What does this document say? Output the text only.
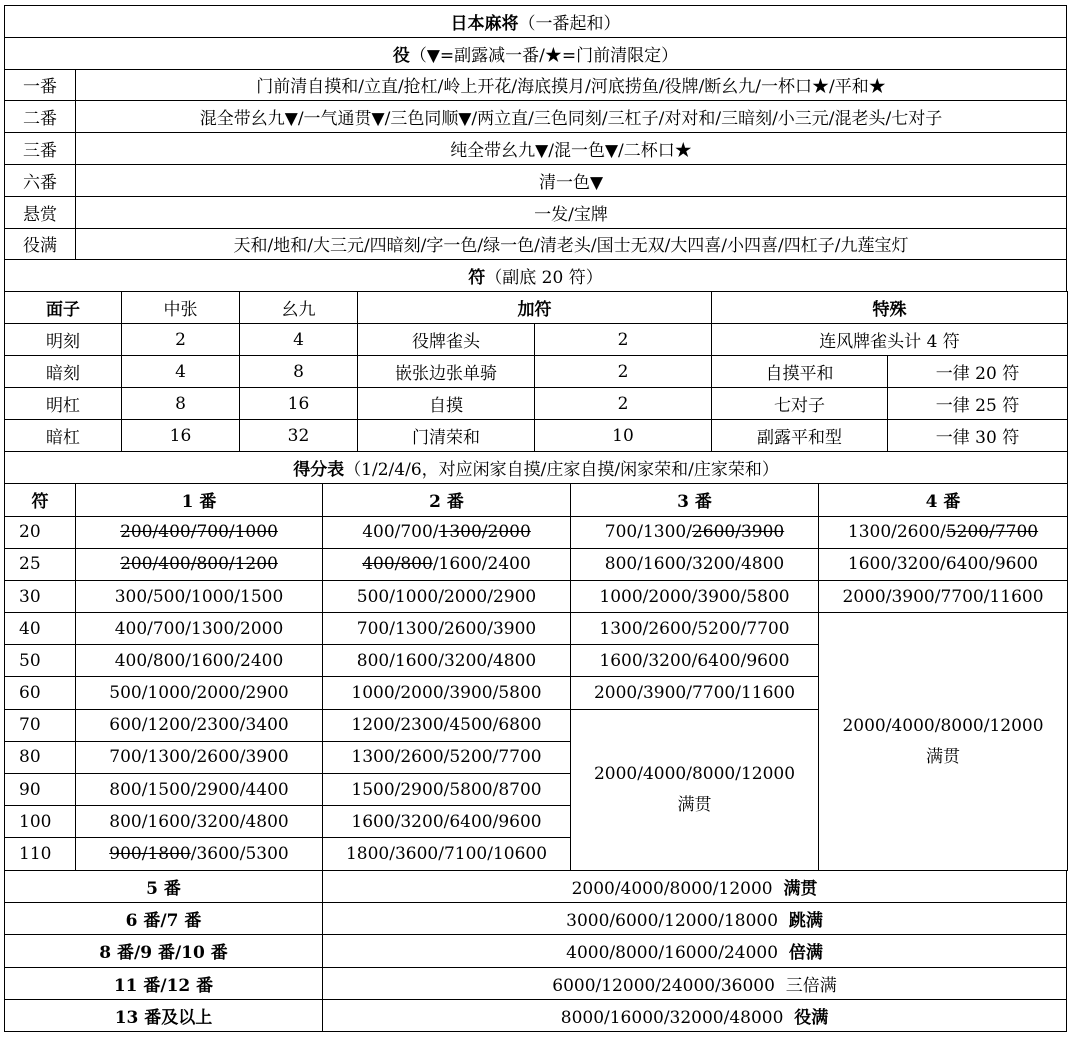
日本麻将（一番起和）	
役（▼=副露减一番/★=门前清限定）	
一番	门前清自摸和/立直/抢杠/岭上开花/海底摸月/河底捞鱼/役牌/断幺九/一杯口★/平和★
二番	混全带幺九▼/一气通贯▼/三色同顺▼/两立直/三色同刻/三杠子/对对和/三暗刻/小三元/混老头/七对子
三番	纯全带幺九▼/混一色▼/二杯口★
六番	清一色▼
悬赏	一发/宝牌
役满	天和/地和/大三元/四暗刻/字一色/绿一色/清老头/国士无双/大四喜/小四喜/四杠子/九莲宝灯
符（副底 20 符）	
面子	中张	幺九	加符		特殊	
明刻	2	4	役牌雀头	2	连风牌雀头计 4 符	
暗刻	4	8	嵌张边张单骑	2	自摸平和	一律 20 符
明杠	8	16	自摸	2	七对子	一律 25 符
暗杠	16	32	门清荣和	10	副露平和型	一律 30 符
得分表（1/2/4/6，对应闲家自摸/庄家自摸/闲家荣和/庄家荣和）				
符	1 番	2 番	3 番	4 番
20	200/400/700/1000	400/700/1300/2000	700/1300/2600/3900	1300/2600/5200/7700
25	200/400/800/1200	400/800/1600/2400	800/1600/3200/4800	1600/3200/6400/9600
30	300/500/1000/1500	500/1000/2000/2900	1000/2000/3900/5800	2000/3900/7700/11600
40	400/700/1300/2000	700/1300/2600/3900	1300/2600/5200/7700	2000/4000/8000/12000
满贯

50	400/800/1600/2400	800/1600/3200/4800	1600/3200/6400/9600	
60	500/1000/2000/2900	1000/2000/3900/5800	2000/3900/7700/11600	
70	600/1200/2300/3400	1200/2300/4500/6800	2000/4000/8000/12000
满贯	

80	700/1300/2600/3900	1300/2600/5200/7700		
90	800/1500/2900/4400	1500/2900/5800/8700		
100	800/1600/3200/4800	1600/3200/6400/9600		
110	900/1800/3600/5300	1800/3600/7100/10600		
5 番	2000/4000/8000/12000 满贯
6 番/7 番	3000/6000/12000/18000 跳满
8 番/9 番/10 番	4000/8000/16000/24000 倍满
11 番/12 番	6000/12000/24000/36000 三倍满
13 番及以上	8000/16000/32000/48000 役满
